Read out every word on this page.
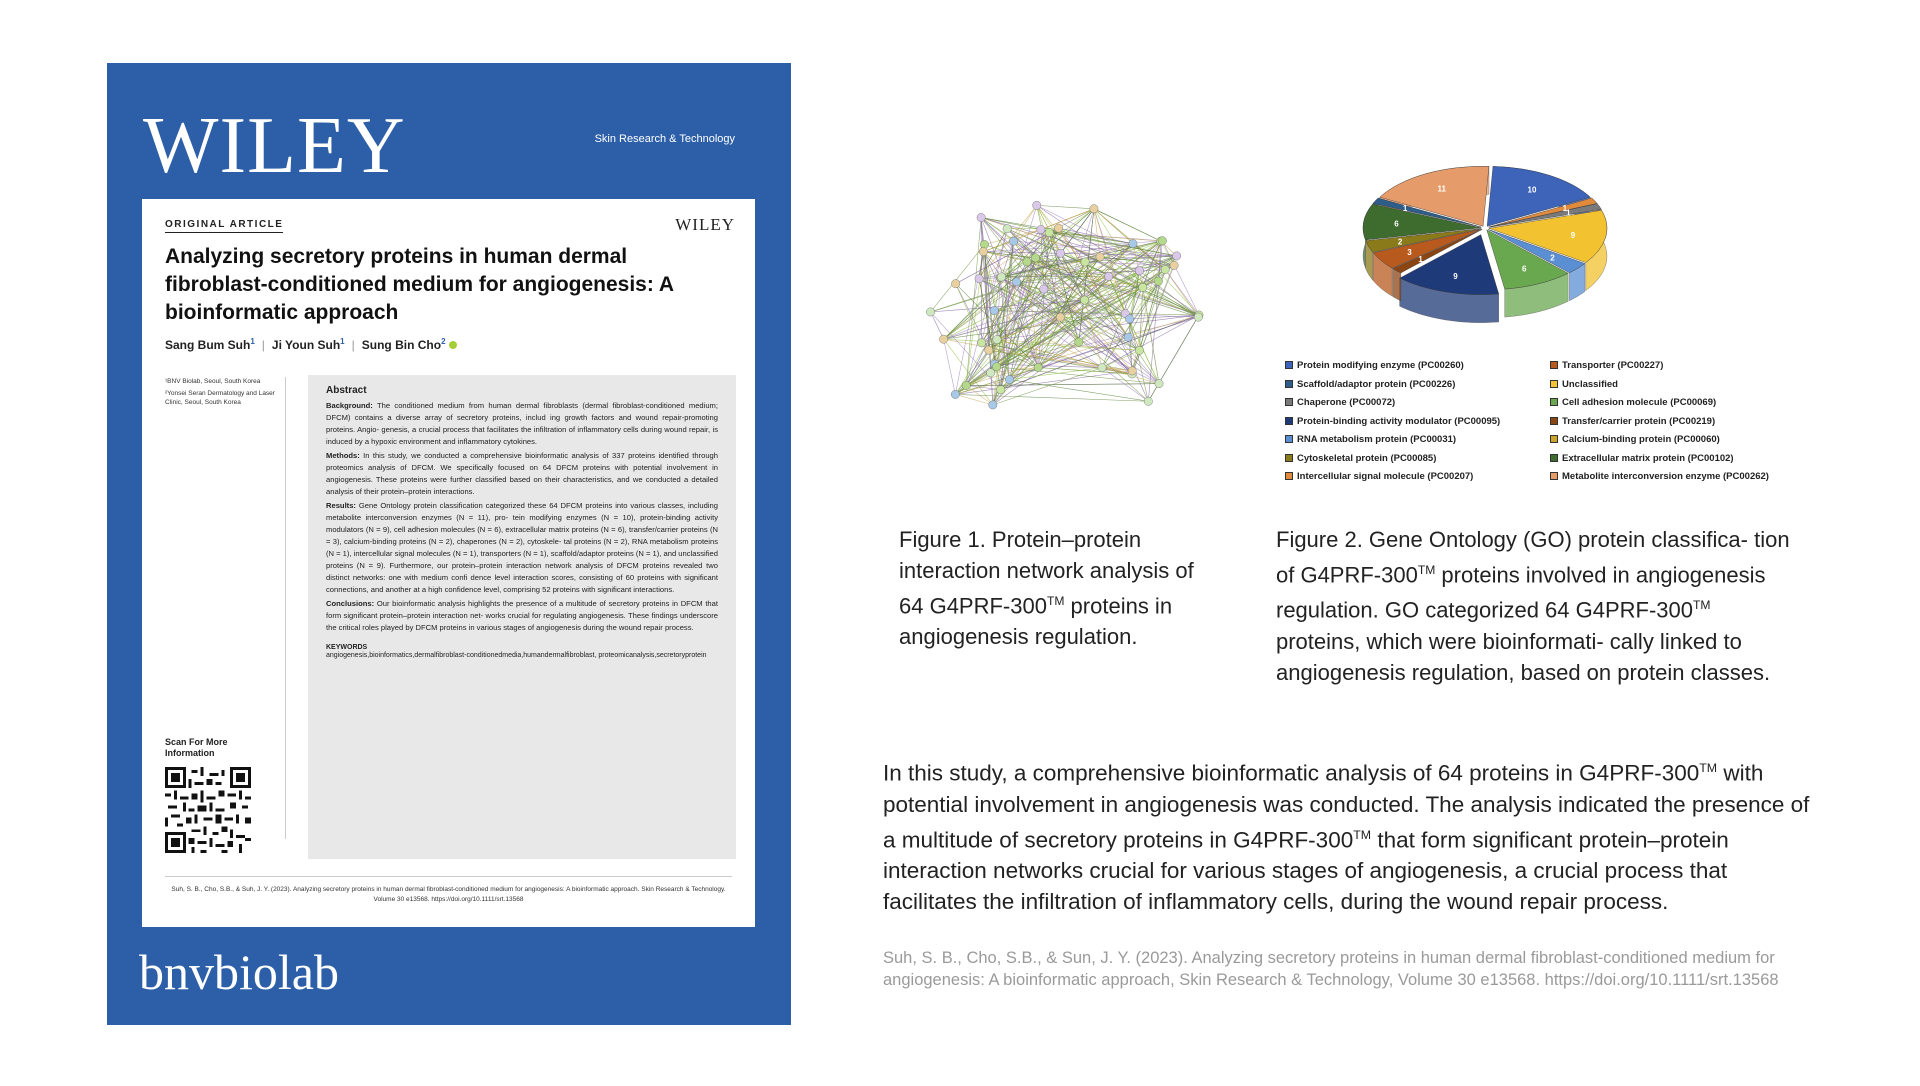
WILEY	Skin Research & Technology
ORIGINAL ARTICLE	WILEY
Analyzing secretory proteins in human dermal fibroblast-conditioned medium for angiogenesis: A bioinformatic approach
Sang Bum Suh$^1$ | Ji Youn Suh$^1$ | Sung Bin Cho$^2$
¹BNV Biolab, Seoul, South Korea
²Yonsei Seran Dermatology and Laser Clinic, Seoul, South Korea
Scan For More Information
Abstract

Background: The conditioned medium from human dermal fibroblasts (dermal fibroblast-conditioned medium; DFCM) contains a diverse array of secretory proteins, includ ing growth factors and wound repair-promoting proteins. Angio- genesis, a crucial process that facilitates the infiltration of inflammatory cells during wound repair, is induced by a hypoxic environment and inflammatory cytokines.

Methods: In this study, we conducted a comprehensive bioinformatic analysis of 337 proteins identified through proteomics analysis of DFCM. We specifically focused on 64 DFCM proteins with potential involvement in angiogenesis. These proteins were further classified based on their characteristics, and we conducted a detailed analysis of their protein–protein interactions.

Results: Gene Ontology protein classification categorized these 64 DFCM proteins into various classes, including metabolite interconversion enzymes (N = 11), pro- tein modifying enzymes (N = 10), protein-binding activity modulators (N = 9), cell adhesion molecules (N = 6), extracellular matrix proteins (N = 6), transfer/carrier proteins (N = 3), calcium-binding proteins (N = 2), chaperones (N = 2), cytoskele- tal proteins (N = 2), RNA metabolism proteins (N = 1), intercellular signal molecules (N = 1), transporters (N = 1), scaffold/adaptor proteins (N = 1), and unclassified proteins (N = 9). Furthermore, our protein–protein interaction network analysis of DFCM proteins revealed two distinct networks: one with medium confi dence level interaction scores, consisting of 60 proteins with significant connections, and another at a high confidence level, comprising 52 proteins with significant interactions.

Conclusions: Our bioinformatic analysis highlights the presence of a multitude of secretory proteins in DFCM that form significant protein–protein interaction net- works crucial for regulating angiogenesis. These findings underscore the critical roles played by DFCM proteins in various stages of angiogenesis during the wound repair process.

KEYWORDS
angiogenesis,bioinformatics,dermalfibroblast-conditionedmedia,humandermalfibroblast, proteomicanalysis,secretoryprotein
Suh, S. B., Cho, S.B., & Suh, J. Y. (2023). Analyzing secretory proteins in human dermal fibroblast-conditioned medium for angiogenesis: A bioinformatic approach. Skin Research & Technology. Volume 30 e13568. https://doi.org/10.1111/srt.13568
bnvbiolab
10
1 1
9
2
6
9
1
3
2
6
1
11
Protein modifying enzyme (PC00260)
Scaffold/adaptor protein (PC00226)
Chaperone (PC00072)
Protein-binding activity modulator (PC00095)
RNA metabolism protein (PC00031)
Cytoskeletal protein (PC00085)
Intercellular signal molecule (PC00207)
Transporter (PC00227)
Unclassified
Cell adhesion molecule (PC00069)
Transfer/carrier protein (PC00219)
Calcium-binding protein (PC00060)
Extracellular matrix protein (PC00102)
Metabolite interconversion enzyme (PC00262)
Figure 1. Protein–protein interaction network analysis of 64 G4PRF-300™ proteins in angiogenesis regulation.
Figure 2. Gene Ontology (GO) protein classifica- tion of G4PRF-300™ proteins involved in angiogenesis regulation. GO categorized 64 G4PRF-300™ proteins, which were bioinformati- cally linked to angiogenesis regulation, based on protein classes.
In this study, a comprehensive bioinformatic analysis of 64 proteins in G4PRF-300™ with potential involvement in angiogenesis was conducted. The analysis indicated the presence of a multitude of secretory proteins in G4PRF-300™ that form significant protein–protein interaction networks crucial for various stages of angiogenesis, a crucial process that facilitates the infiltration of inflammatory cells, during the wound repair process.
Suh, S. B., Cho, S.B., & Sun, J. Y. (2023). Analyzing secretory proteins in human dermal fibroblast-conditioned medium for angiogenesis: A bioinformatic approach, Skin Research & Technology, Volume 30 e13568. https://doi.org/10.1111/srt.13568
